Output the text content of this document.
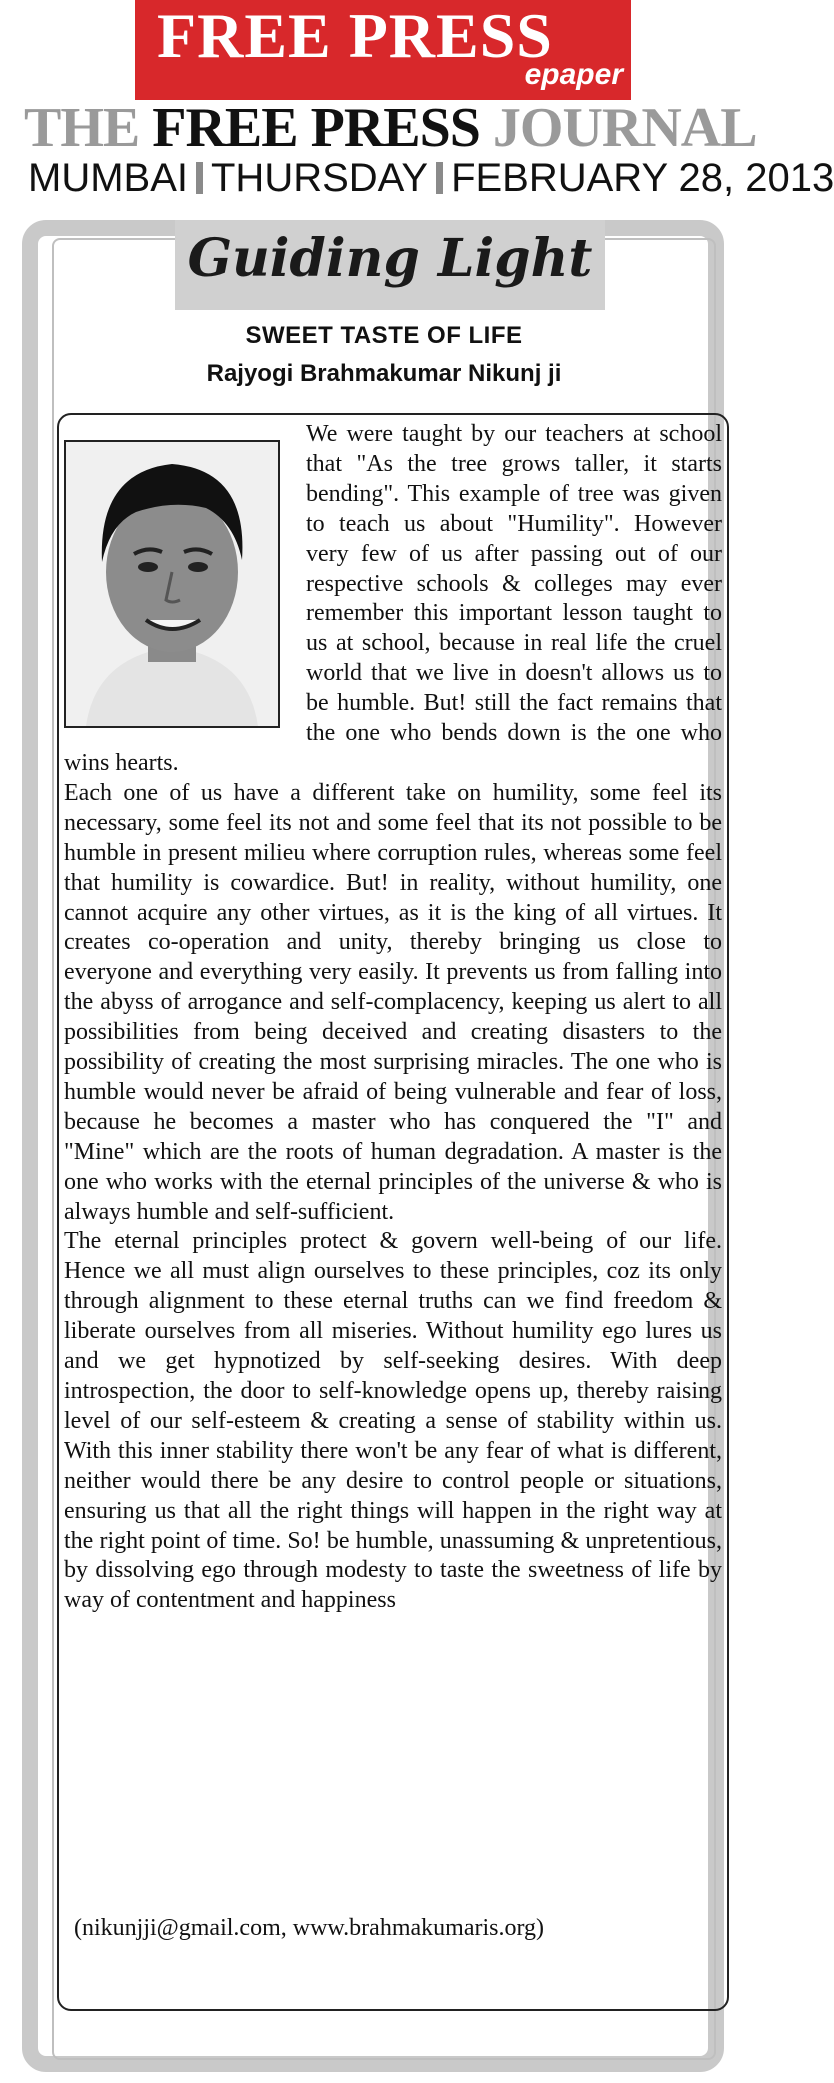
FREE PRESS
epaper
THE FREE PRESS JOURNAL
MUMBAI THURSDAY FEBRUARY 28, 2013
Guiding Light
SWEET TASTE OF LIFE
Rajyogi Brahmakumar Nikunj ji

We were taught by our teachers at school that "As the tree grows taller, it starts bending". This example of tree was given to teach us about "Humility". However very few of us after passing out of our respective schools & colleges may ever remember this important lesson taught to us at school, because in real life the cruel world that we live in doesn't allows us to be humble. But! still the fact remains that the one who bends down is the one who wins hearts.

Each one of us have a different take on humility, some feel its necessary, some feel its not and some feel that its not possible to be humble in present milieu where corruption rules, whereas some feel that humility is cowardice. But! in reality, without humility, one cannot acquire any other virtues, as it is the king of all virtues. It creates co-operation and unity, thereby bringing us close to everyone and everything very easily. It prevents us from falling into the abyss of arrogance and self-complacency, keeping us alert to all possibilities from being deceived and creating disasters to the possibility of creating the most surprising miracles. The one who is humble would never be afraid of being vulnerable and fear of loss, because he becomes a master who has conquered the "I" and "Mine" which are the roots of human degradation. A master is the one who works with the eternal principles of the universe & who is always humble and self-sufficient.

The eternal principles protect & govern well-being of our life. Hence we all must align ourselves to these principles, coz its only through alignment to these eternal truths can we find freedom & liberate ourselves from all miseries. Without humility ego lures us and we get hypnotized by self-seeking desires. With deep introspection, the door to self-knowledge opens up, thereby raising level of our self-esteem & creating a sense of stability within us. With this inner stability there won't be any fear of what is different, neither would there be any desire to control people or situations, ensuring us that all the right things will happen in the right way at the right point of time. So! be humble, unassuming & unpretentious, by dissolving ego through modesty to taste the sweetness of life by way of contentment and happiness

(nikunjji@gmail.com, www.brahmakumaris.org)
